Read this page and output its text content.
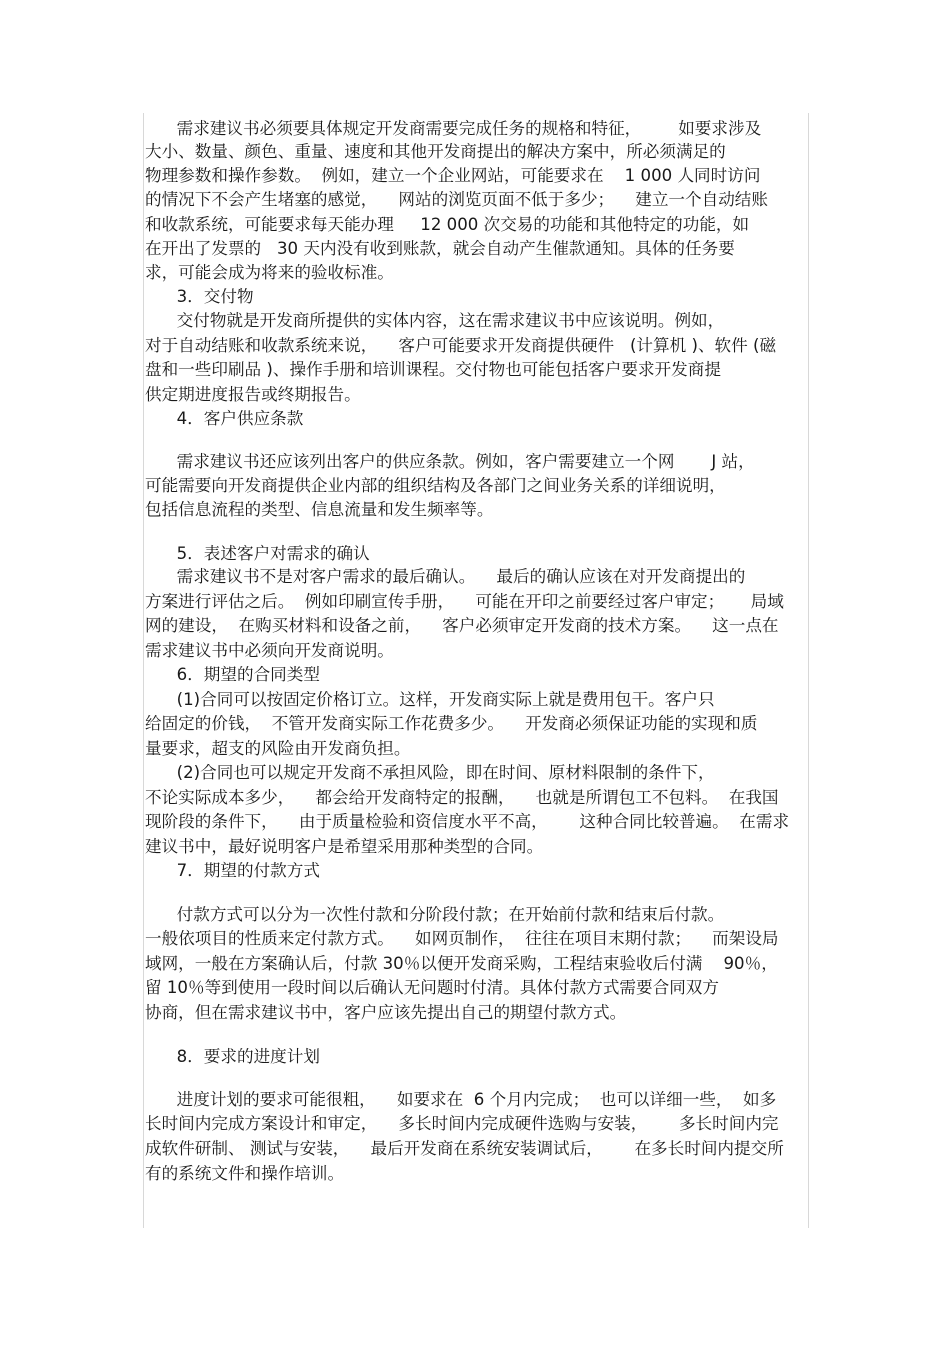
需求建议书必须要具体规定开发商需要完成任务的规格和特征，       如要求涉及

大小、数量、颜色、重量、速度和其他开发商提出的解决方案中，所必须满足的

物理参数和操作参数。  例如，建立一个企业网站，可能要求在    1 000 人同时访问

的情况下不会产生堵塞的感觉，    网站的浏览页面不低于多少；    建立一个自动结账

和收款系统，可能要求每天能办理     12 000 次交易的功能和其他特定的功能，如

在开出了发票的   30 天内没有收到账款，就会自动产生催款通知。具体的任务要

求，可能会成为将来的验收标准。

3．交付物

交付物就是开发商所提供的实体内容，这在需求建议书中应该说明。例如，

对于自动结账和收款系统来说，    客户可能要求开发商提供硬件   (计算机 )、软件 (磁

盘和一些印刷品 )、操作手册和培训课程。交付物也可能包括客户要求开发商提

供定期进度报告或终期报告。

4．客户供应条款

需求建议书还应该列出客户的供应条款。例如，客户需要建立一个网       J 站，

可能需要向开发商提供企业内部的组织结构及各部门之间业务关系的详细说明，

包括信息流程的类型、信息流量和发生频率等。

5．表述客户对需求的确认

需求建议书不是对客户需求的最后确认。    最后的确认应该在对开发商提出的

方案进行评估之后。  例如印刷宣传手册，    可能在开印之前要经过客户审定；     局域

网的建设，  在购买材料和设备之前，    客户必须审定开发商的技术方案。    这一点在

需求建议书中必须向开发商说明。

6．期望的合同类型

(1)合同可以按固定价格订立。这样，开发商实际上就是费用包干。客户只

给固定的价钱，  不管开发商实际工作花费多少。    开发商必须保证功能的实现和质

量要求，超支的风险由开发商负担。

(2)合同也可以规定开发商不承担风险，即在时间、原材料限制的条件下，

不论实际成本多少，    都会给开发商特定的报酬，    也就是所谓包工不包料。  在我国

现阶段的条件下，    由于质量检验和资信度水平不高，      这种合同比较普遍。  在需求

建议书中，最好说明客户是希望采用那种类型的合同。

7．期望的付款方式

付款方式可以分为一次性付款和分阶段付款；在开始前付款和结束后付款。

一般依项目的性质来定付款方式。    如网页制作，  往往在项目末期付款；    而架设局

域网，一般在方案确认后，付款 30％以便开发商采购，工程结束验收后付满    90％，

留 10％等到使用一段时间以后确认无问题时付清。具体付款方式需要合同双方

协商，但在需求建议书中，客户应该先提出自己的期望付款方式。

8．要求的进度计划

进度计划的要求可能很粗，    如要求在  6 个月内完成；  也可以详细一些，  如多

长时间内完成方案设计和审定，    多长时间内完成硬件选购与安装，      多长时间内完

成软件研制、 测试与安装，    最后开发商在系统安装调试后，      在多长时间内提交所

有的系统文件和操作培训。
